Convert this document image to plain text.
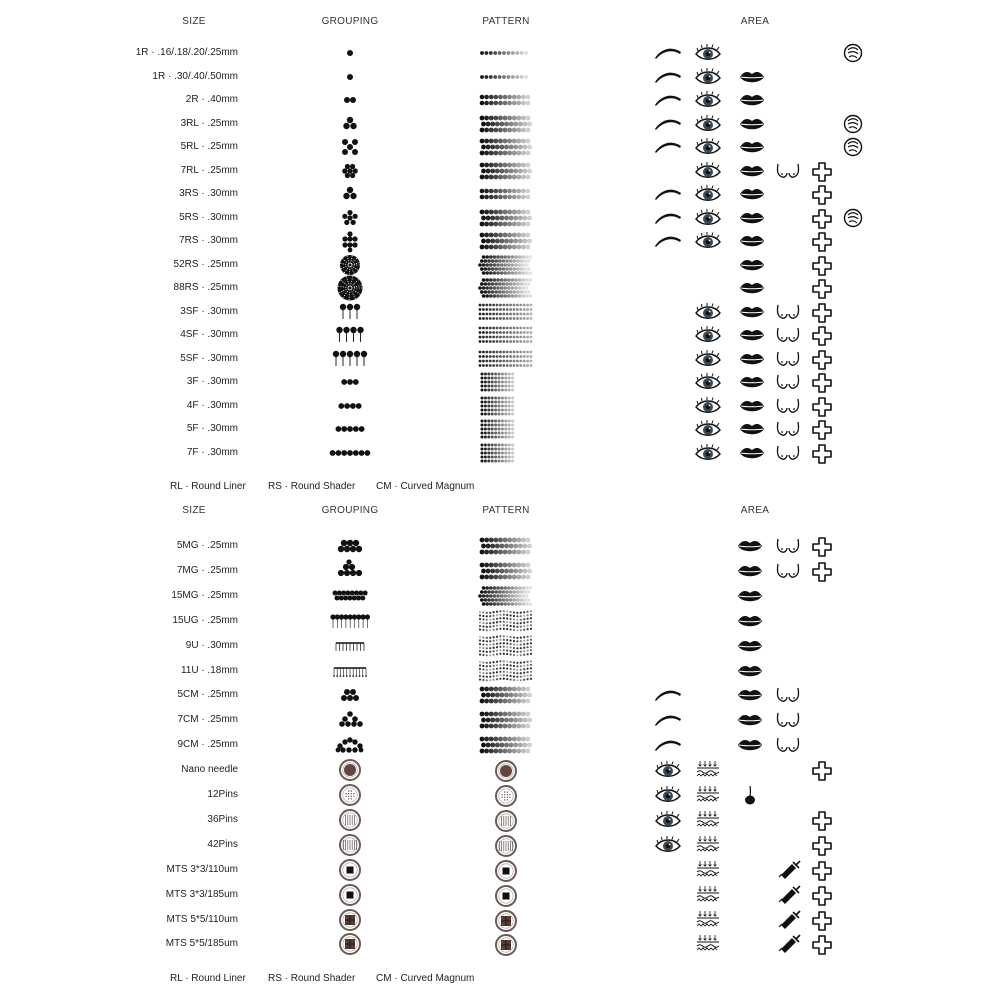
SIZE	GROUPING	PATTERN	AREA
1R · .16/.18/.20/.25mm
1R · .30/.40/.50mm
2R · .40mm
3RL · .25mm
5RL · .25mm
7RL · .25mm
3RS · .30mm
5RS · .30mm
7RS · .30mm
52RS · .25mm
88RS · .25mm
3SF · .30mm
4SF · .30mm
5SF · .30mm
3F · .30mm
4F · .30mm
5F · .30mm
7F · .30mm
RL · Round Liner RS · Round Shader CM · Curved Magnum
SIZE	GROUPING	PATTERN	AREA
5MG · .25mm
7MG · .25mm
15MG · .25mm
15UG · .25mm
9U · .30mm
11U · .18mm
5CM · .25mm
7CM · .25mm
9CM · .25mm
Nano needle
12Pins
36Pins
42Pins
MTS 3*3/110um
MTS 3*3/185um
MTS 5*5/110um
MTS 5*5/185um
RL · Round Liner RS · Round Shader CM · Curved Magnum
